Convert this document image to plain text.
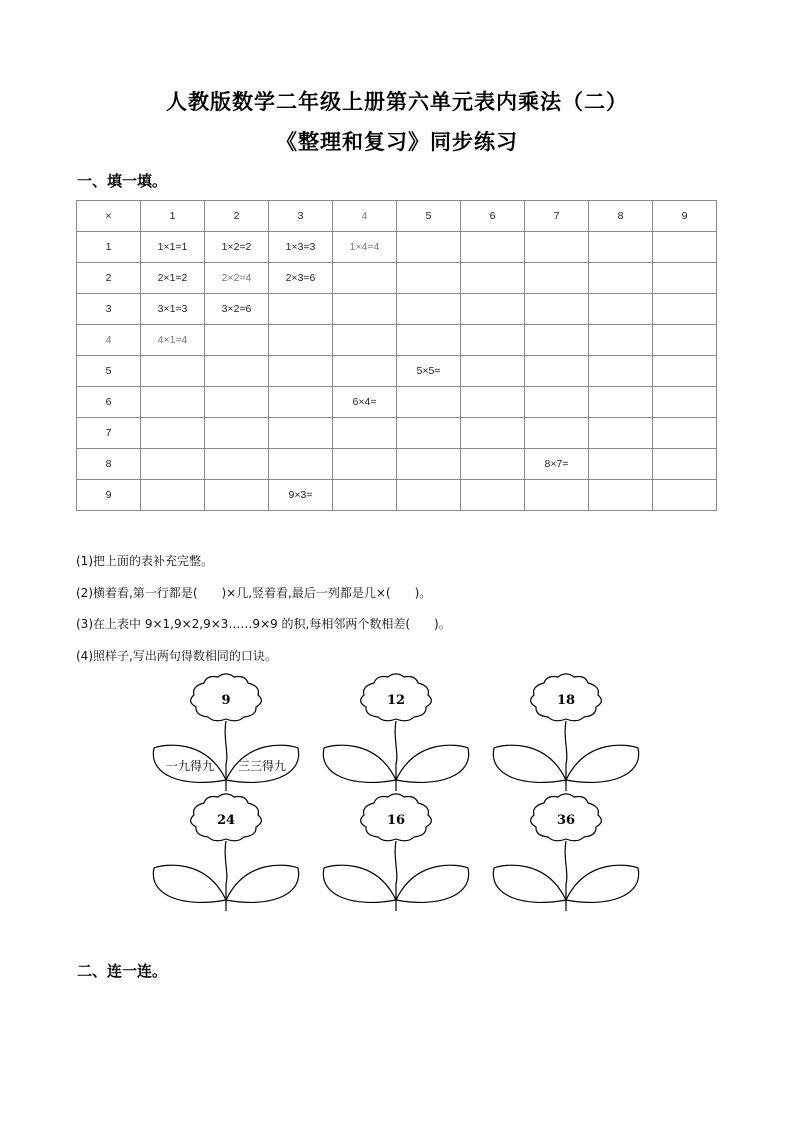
人教版数学二年级上册第六单元表内乘法（二）
《整理和复习》同步练习
一、填一填。
×	1	2	3	4	5	6	7	8	9
1	1×1=1	1×2=2	1×3=3	1×4=4					
2	2×1=2	2×2=4	2×3=6						
3	3×1=3	3×2=6							
4	4×1=4								
5					5×5=				
6				6×4=					
7									
8							8×7=		
9			9×3=						
(1)把上面的表补充完整。
(2)横着看,第一行都是(　　)×几,竖着看,最后一列都是几×(　　)。
(3)在上表中 9×1,9×2,9×3……9×9 的积,每相邻两个数相差(　　)。
(4)照样子,写出两句得数相同的口诀。
9
一九得九 三三得九
12	18
24	16	36
二、连一连。
